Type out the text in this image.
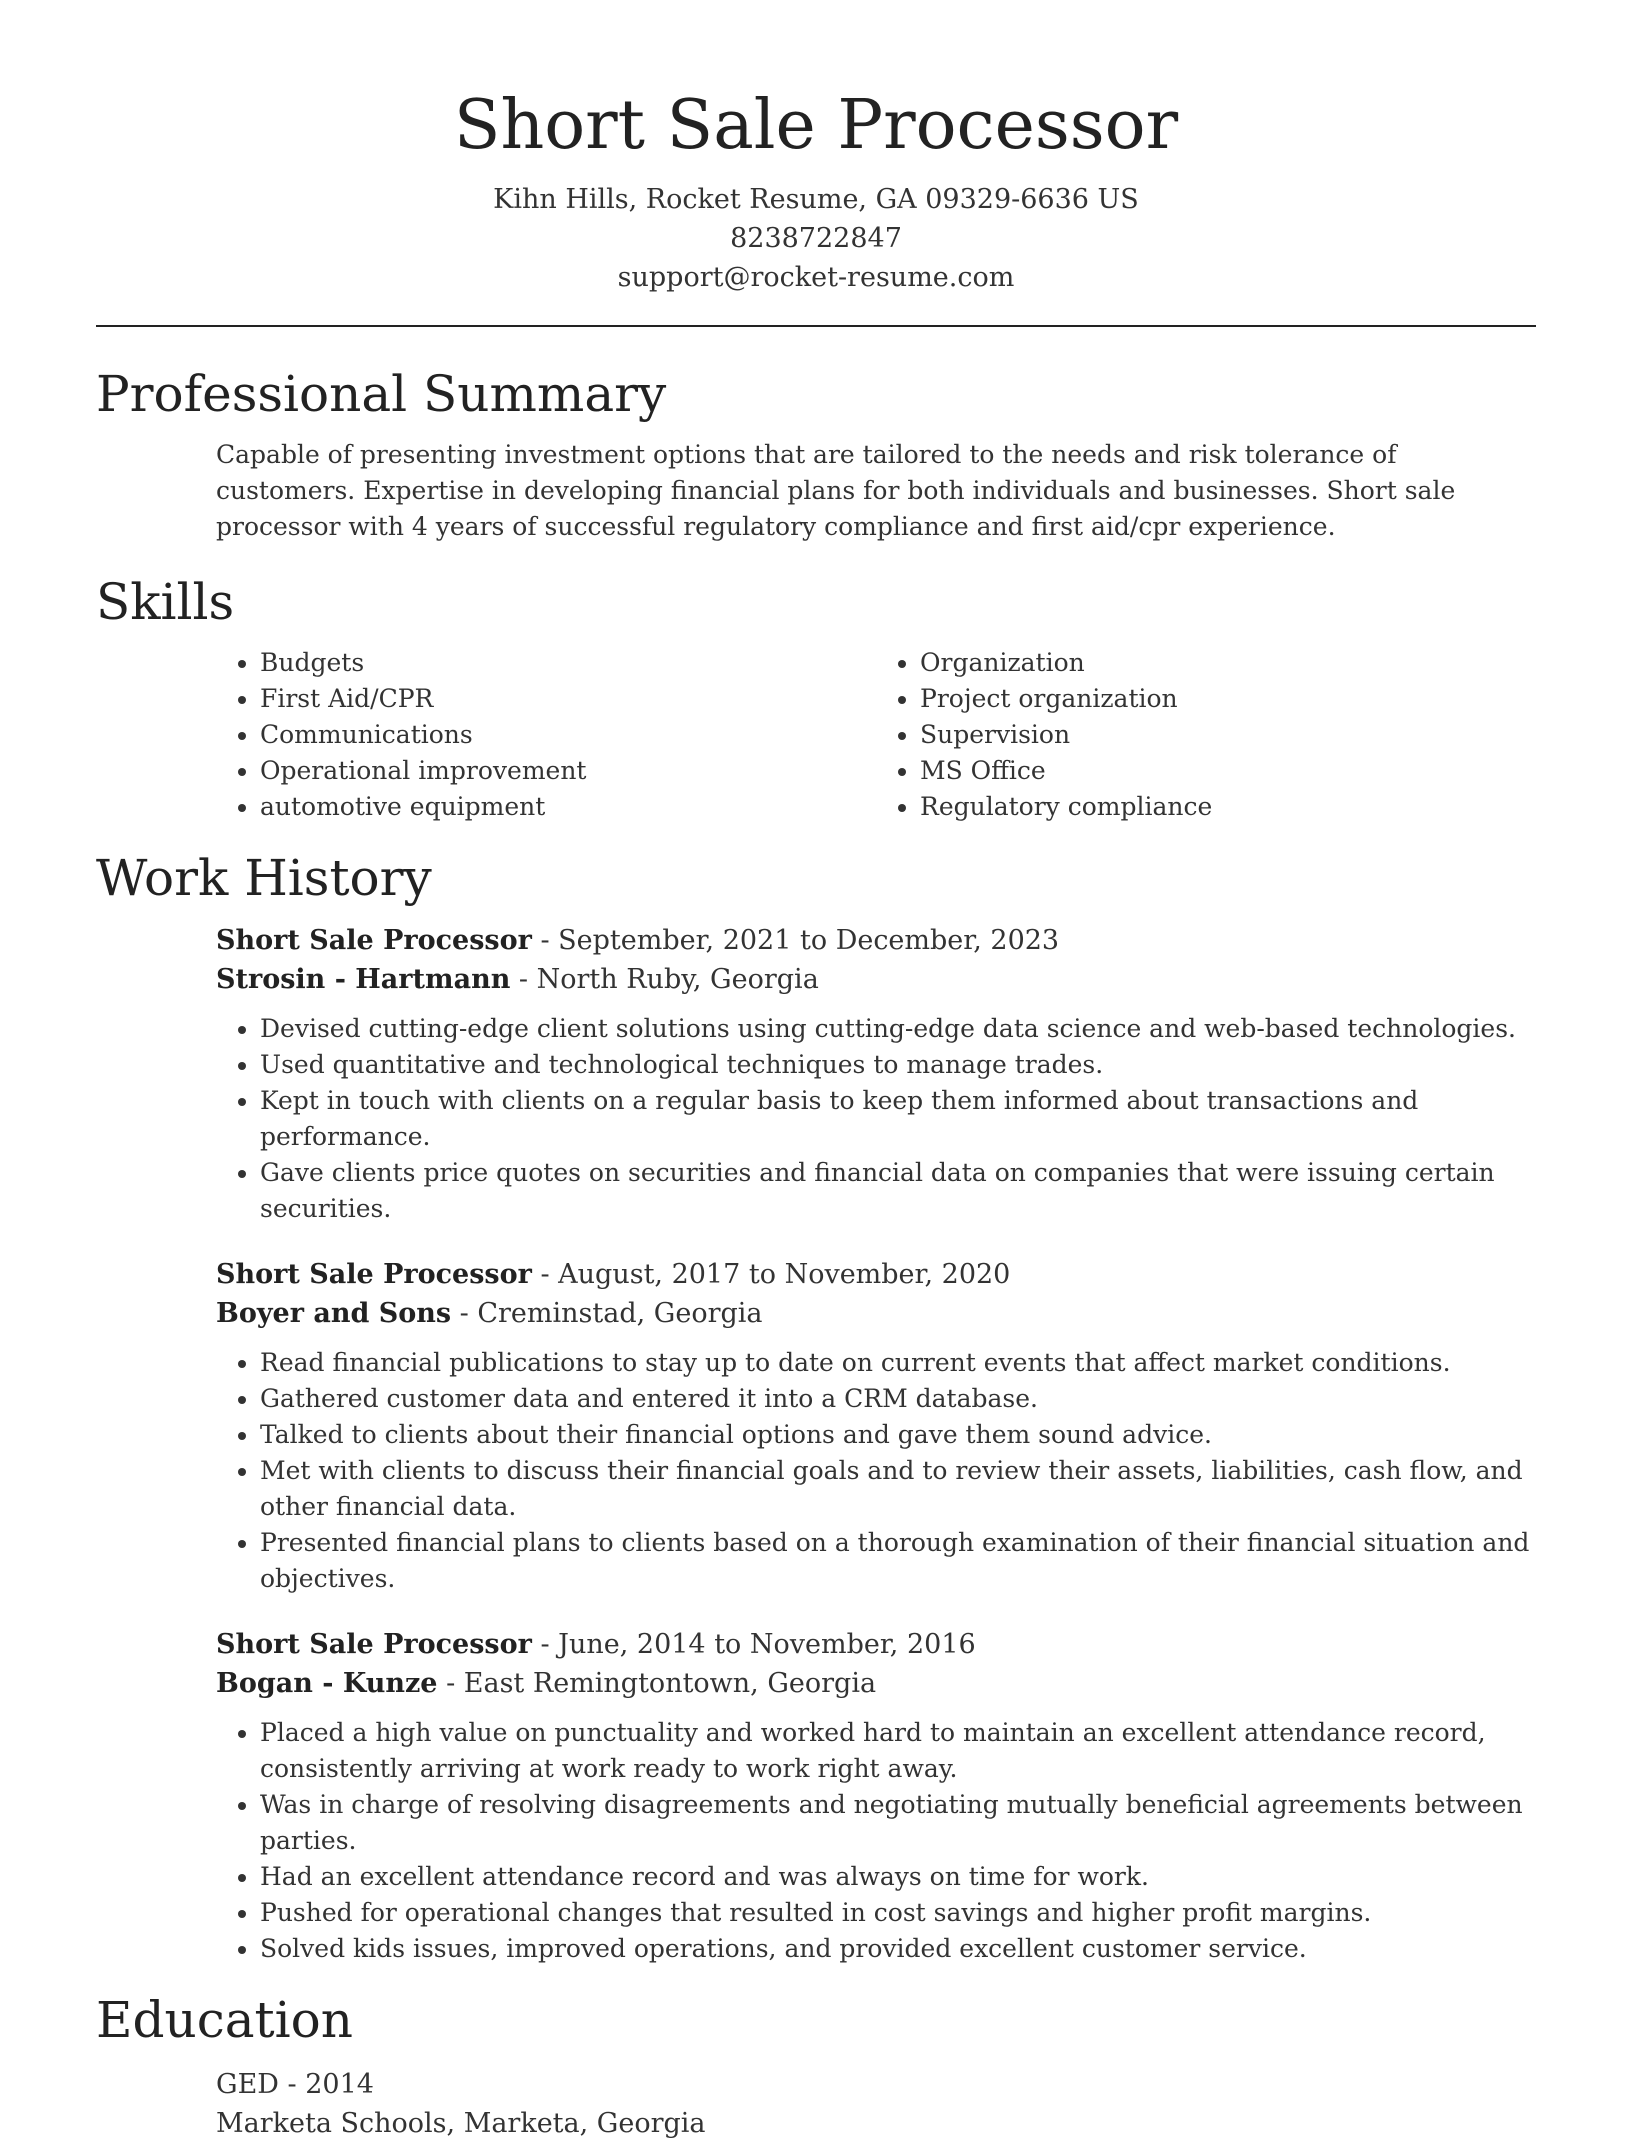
Short Sale Processor
Kihn Hills, Rocket Resume, GA 09329-6636 US
8238722847
support@rocket-resume.com
Professional Summary
Capable of presenting investment options that are tailored to the needs and risk tolerance of customers. Expertise in developing financial plans for both individuals and businesses. Short sale processor with 4 years of successful regulatory compliance and first aid/cpr experience.
Skills
• Budgets
• First Aid/CPR
• Communications
• Operational improvement
• automotive equipment
• Organization
• Project organization
• Supervision
• MS Office
• Regulatory compliance
Work History
Short Sale Processor - September, 2021 to December, 2023
Strosin - Hartmann - North Ruby, Georgia
• Devised cutting-edge client solutions using cutting-edge data science and web-based technologies.
• Used quantitative and technological techniques to manage trades.
• Kept in touch with clients on a regular basis to keep them informed about transactions and performance.
• Gave clients price quotes on securities and financial data on companies that were issuing certain securities.
Short Sale Processor - August, 2017 to November, 2020
Boyer and Sons - Creminstad, Georgia
• Read financial publications to stay up to date on current events that affect market conditions.
• Gathered customer data and entered it into a CRM database.
• Talked to clients about their financial options and gave them sound advice.
• Met with clients to discuss their financial goals and to review their assets, liabilities, cash flow, and other financial data.
• Presented financial plans to clients based on a thorough examination of their financial situation and objectives.
Short Sale Processor - June, 2014 to November, 2016
Bogan - Kunze - East Remingtontown, Georgia
• Placed a high value on punctuality and worked hard to maintain an excellent attendance record, consistently arriving at work ready to work right away.
• Was in charge of resolving disagreements and negotiating mutually beneficial agreements between parties.
• Had an excellent attendance record and was always on time for work.
• Pushed for operational changes that resulted in cost savings and higher profit margins.
• Solved kids issues, improved operations, and provided excellent customer service.
Education
GED - 2014
Marketa Schools, Marketa, Georgia
